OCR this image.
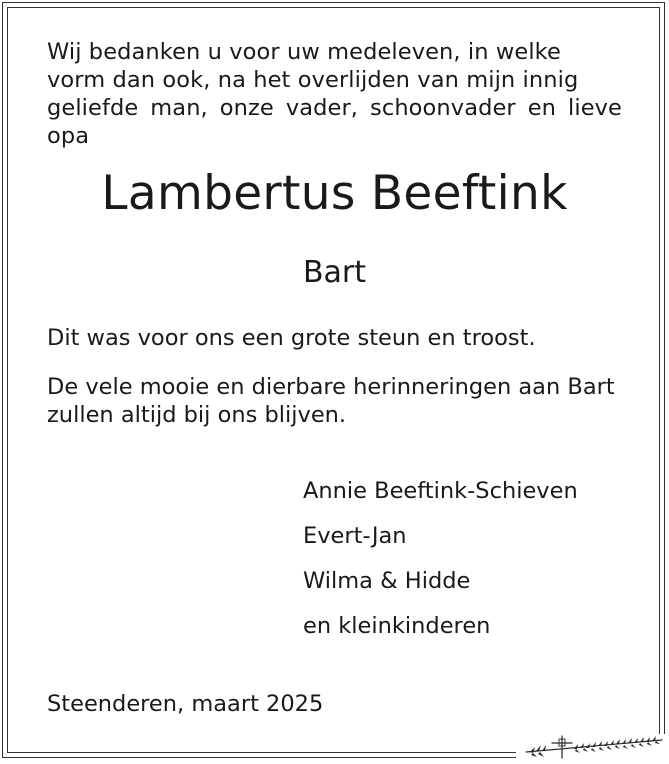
Wij bedanken u voor uw medeleven, in welke
vorm dan ook, na het overlijden van mijn innig
geliefde man, onze vader, schoonvader en lieve opa

Lambertus Beeftink

Bart

Dit was voor ons een grote steun en troost.

De vele mooie en dierbare herinneringen aan Bart
zullen altijd bij ons blijven.

Annie Beeftink-Schieven
Evert-Jan
Wilma & Hidde
en kleinkinderen

Steenderen, maart 2025
